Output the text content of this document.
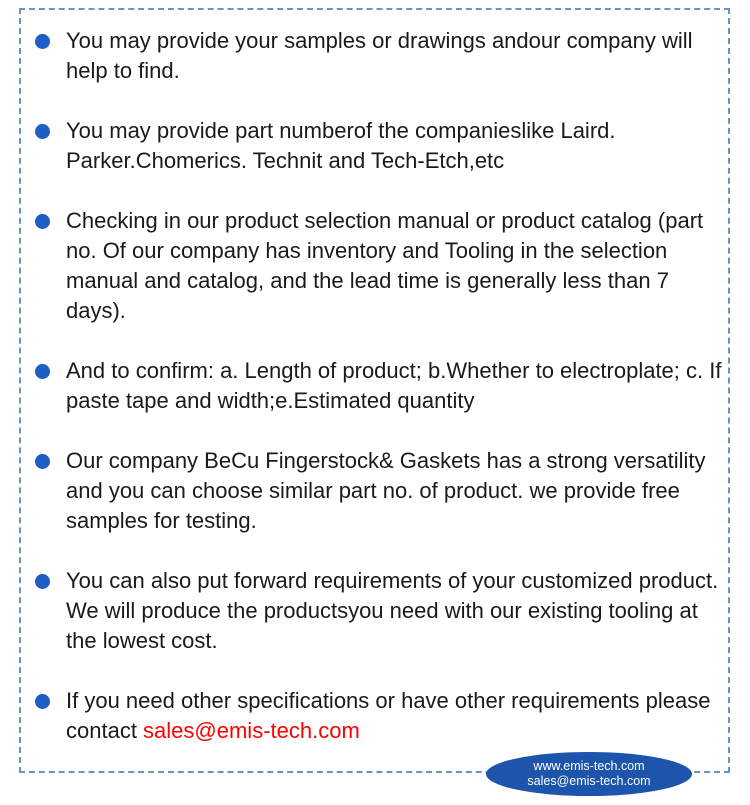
You may provide your samples or drawings andour company will help to find.
You may provide part numberof the companieslike Laird. Parker.Chomerics. Technit and Tech-Etch,etc
Checking in our product selection manual or product catalog (part no. Of our company has inventory and Tooling in the selection manual and catalog, and the lead time is generally less than 7 days).
And to confirm: a. Length of product; b.Whether to electroplate; c. If paste tape and width;e.Estimated quantity
Our company BeCu Fingerstock& Gaskets has a strong versatility and you can choose similar part no. of product. we provide free samples for testing.
You can also put forward requirements of your customized product. We will produce the productsyou need with our existing tooling at the lowest cost.
If you need other specifications or have other requirements please contact sales@emis-tech.com
www.emis-tech.com
sales@emis-tech.com
